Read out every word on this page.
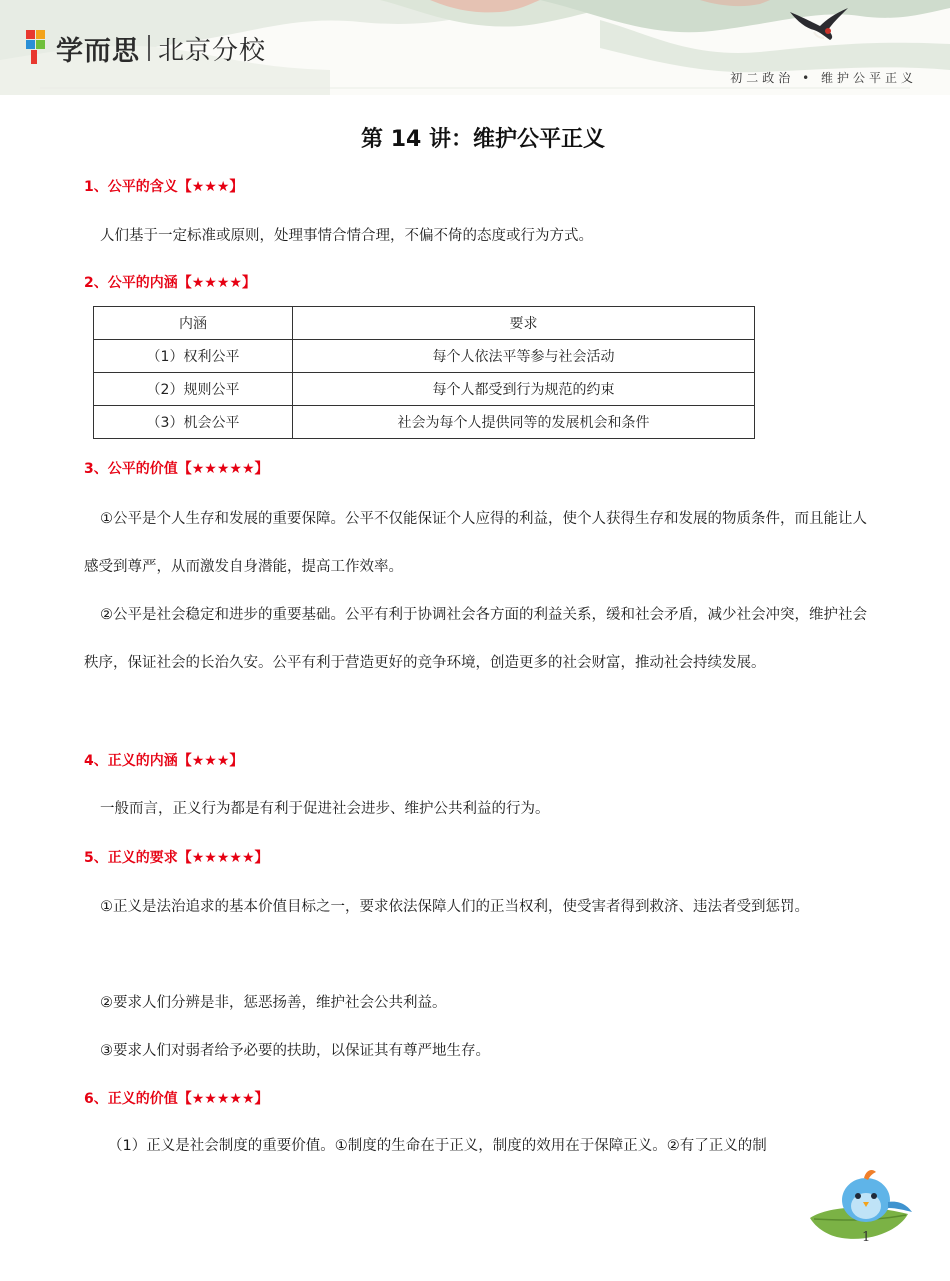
学而思 北京分校
初二政治 • 维护公平正义
第 14 讲：维护公平正义
1、公平的含义【★★★】

人们基于一定标准或原则，处理事情合情合理，不偏不倚的态度或行为方式。

2、公平的内涵【★★★★】
内涵	要求
（1）权利公平	每个人依法平等参与社会活动
（2）规则公平	每个人都受到行为规范的约束
（3）机会公平	社会为每个人提供同等的发展机会和条件
3、公平的价值【★★★★★】

①公平是个人生存和发展的重要保障。公平不仅能保证个人应得的利益，使个人获得生存和发展的物质条件，而且能让人感受到尊严，从而激发自身潜能，提高工作效率。

②公平是社会稳定和进步的重要基础。公平有利于协调社会各方面的利益关系，缓和社会矛盾，减少社会冲突，维护社会秩序，保证社会的长治久安。公平有利于营造更好的竞争环境，创造更多的社会财富，推动社会持续发展。

4、正义的内涵【★★★】

一般而言，正义行为都是有利于促进社会进步、维护公共利益的行为。

5、正义的要求【★★★★★】

①正义是法治追求的基本价值目标之一，要求依法保障人们的正当权利，使受害者得到救济、违法者受到惩罚。

②要求人们分辨是非，惩恶扬善，维护社会公共利益。

③要求人们对弱者给予必要的扶助，以保证其有尊严地生存。

6、正义的价值【★★★★★】

（1）正义是社会制度的重要价值。①制度的生命在于正义，制度的效用在于保障正义。②有了正义的制

1
